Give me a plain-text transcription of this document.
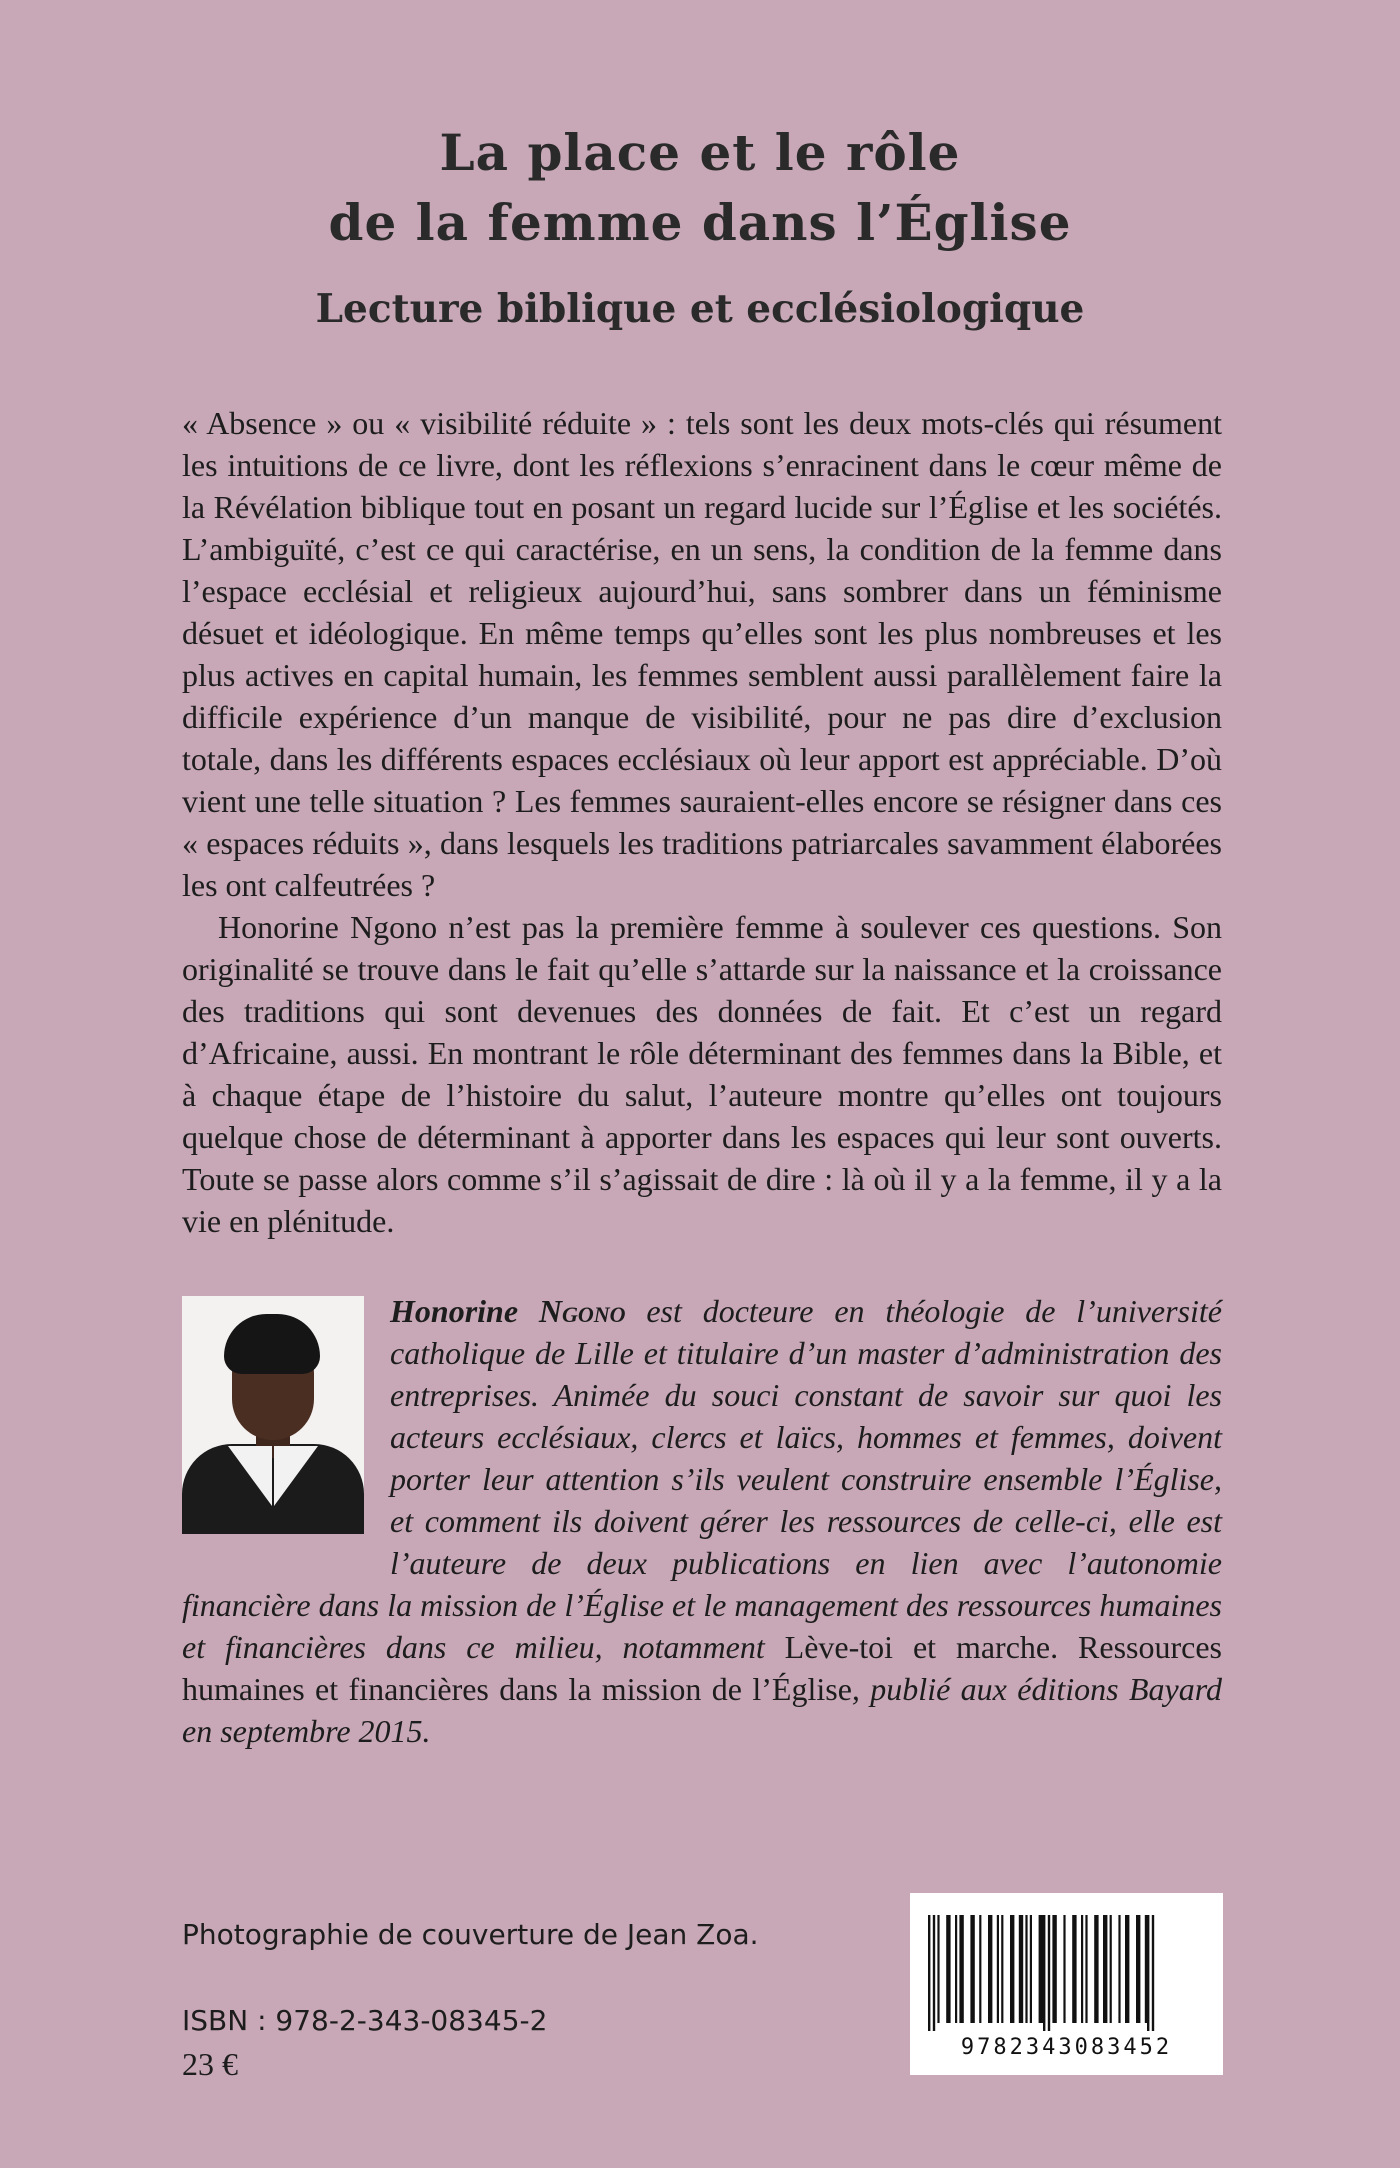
La place et le rôle
de la femme dans l’Église
Lecture biblique et ecclésiologique

« Absence » ou « visibilité réduite » : tels sont les deux mots-clés qui résument les intuitions de ce livre, dont les réflexions s’enracinent dans le cœur même de la Révélation biblique tout en posant un regard lucide sur l’Église et les sociétés. L’ambiguïté, c’est ce qui caractérise, en un sens, la condition de la femme dans l’espace ecclésial et religieux aujourd’hui, sans sombrer dans un féminisme désuet et idéologique. En même temps qu’elles sont les plus nombreuses et les plus actives en capital humain, les femmes semblent aussi parallèlement faire la difficile expérience d’un manque de visibilité, pour ne pas dire d’exclusion totale, dans les différents espaces ecclésiaux où leur apport est appréciable. D’où vient une telle situation ? Les femmes sauraient-elles encore se résigner dans ces « espaces réduits », dans lesquels les traditions patriarcales savamment élaborées les ont calfeutrées ?

Honorine Ngono n’est pas la première femme à soulever ces questions. Son originalité se trouve dans le fait qu’elle s’attarde sur la naissance et la croissance des traditions qui sont devenues des données de fait. Et c’est un regard d’Africaine, aussi. En montrant le rôle déterminant des femmes dans la Bible, et à chaque étape de l’histoire du salut, l’auteure montre qu’elles ont toujours quelque chose de déterminant à apporter dans les espaces qui leur sont ouverts. Toute se passe alors comme s’il s’agissait de dire : là où il y a la femme, il y a la vie en plénitude.

Honorine Ngono est docteure en théologie de l’université catholique de Lille et titulaire d’un master d’administration des entreprises. Animée du souci constant de savoir sur quoi les acteurs ecclésiaux, clercs et laïcs, hommes et femmes, doivent porter leur attention s’ils veulent construire ensemble l’Église, et comment ils doivent gérer les ressources de celle-ci, elle est l’auteure de deux publications en lien avec l’autonomie financière dans la mission de l’Église et le management des ressources humaines et financières dans ce milieu, notamment Lève-toi et marche. Ressources humaines et financières dans la mission de l’Église, publié aux éditions Bayard en septembre 2015.
Photographie de couverture de Jean Zoa.
ISBN : 978-2-343-08345-2
23 €	9782343083452
